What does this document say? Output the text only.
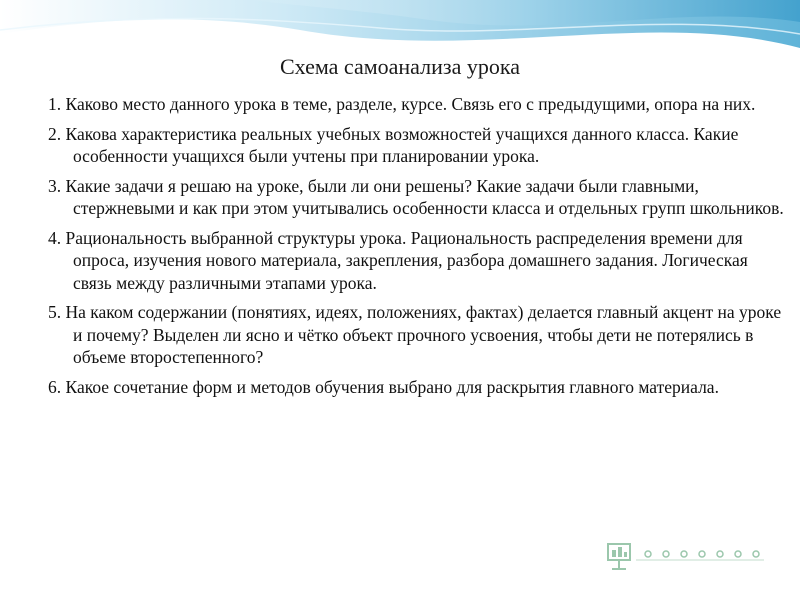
Схема самоанализа урока

1. Каково место данного урока в теме, разделе, курсе. Связь его с предыдущими, опора на них.

2. Какова характеристика реальных учебных возможностей учащихся данного класса. Какие особенности учащихся были учтены при планировании урока.

3. Какие задачи я решаю на уроке, были ли они решены? Какие задачи были главными, стержневыми и как при этом учитывались особенности класса и отдельных групп школьников.

4. Рациональность выбранной структуры урока. Рациональность распределения времени для опроса, изучения нового материала, закрепления, разбора домашнего задания. Логическая связь между различными этапами урока.

5. На каком содержании (понятиях, идеях, положениях, фактах) делается главный акцент на уроке и почему? Выделен ли ясно и чётко объект прочного усвоения, чтобы дети не потерялись в объеме второстепенного?

6. Какое сочетание форм и методов обучения выбрано для раскрытия главного материала.
